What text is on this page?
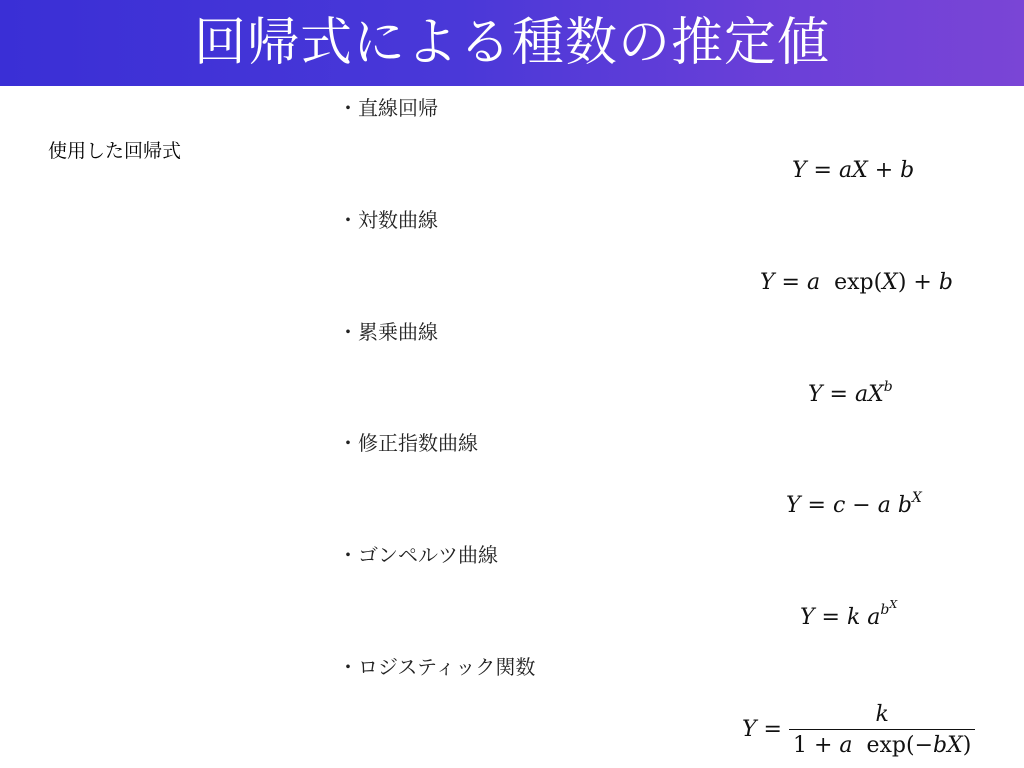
回帰式による種数の推定値
使用した回帰式
・直線回帰
Y = aX + b
・対数曲線
Y = a  exp(X) + b
・累乗曲線
$Y = aX^b$
・修正指数曲線
Y = c − a $b^X$
・ゴンペルツ曲線
Y = k $a^{b^X}$
・ロジスティック関数
$Y = \frac{k}{\text{1 + a  exp(−bX)}}$
